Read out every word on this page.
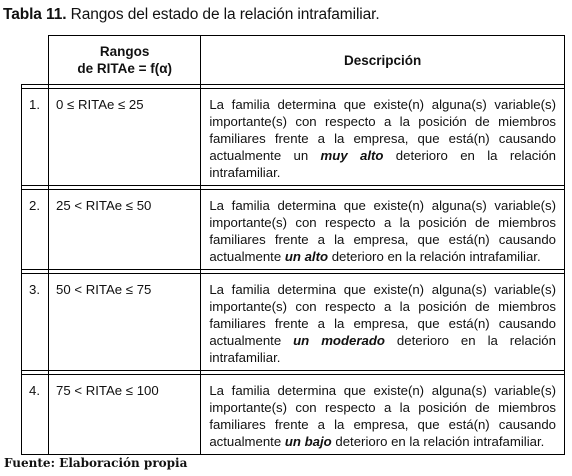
Tabla 11. Rangos del estado de la relación intrafamiliar.

	Rangos
de RITAe = f(α)	Descripción

1.	0 ≤ RITAe ≤ 25	La familia determina que existe(n) alguna(s) variable(s) importante(s) con respecto a la posición de miembros familiares frente a la empresa, que está(n) causando actualmente un muy alto deterioro en la relación intrafamiliar.

2.	25 < RITAe ≤ 50	La familia determina que existe(n) alguna(s) variable(s) importante(s) con respecto a la posición de miembros familiares frente a la empresa, que está(n) causando actualmente un alto deterioro en la relación intrafamiliar.

3.	50 < RITAe ≤ 75	La familia determina que existe(n) alguna(s) variable(s) importante(s) con respecto a la posición de miembros familiares frente a la empresa, que está(n) causando actualmente un moderado deterioro en la relación intrafamiliar.

4.	75 < RITAe ≤ 100	La familia determina que existe(n) alguna(s) variable(s) importante(s) con respecto a la posición de miembros familiares frente a la empresa, que está(n) causando actualmente un bajo deterioro en la relación intrafamiliar.
Fuente: Elaboración propia
